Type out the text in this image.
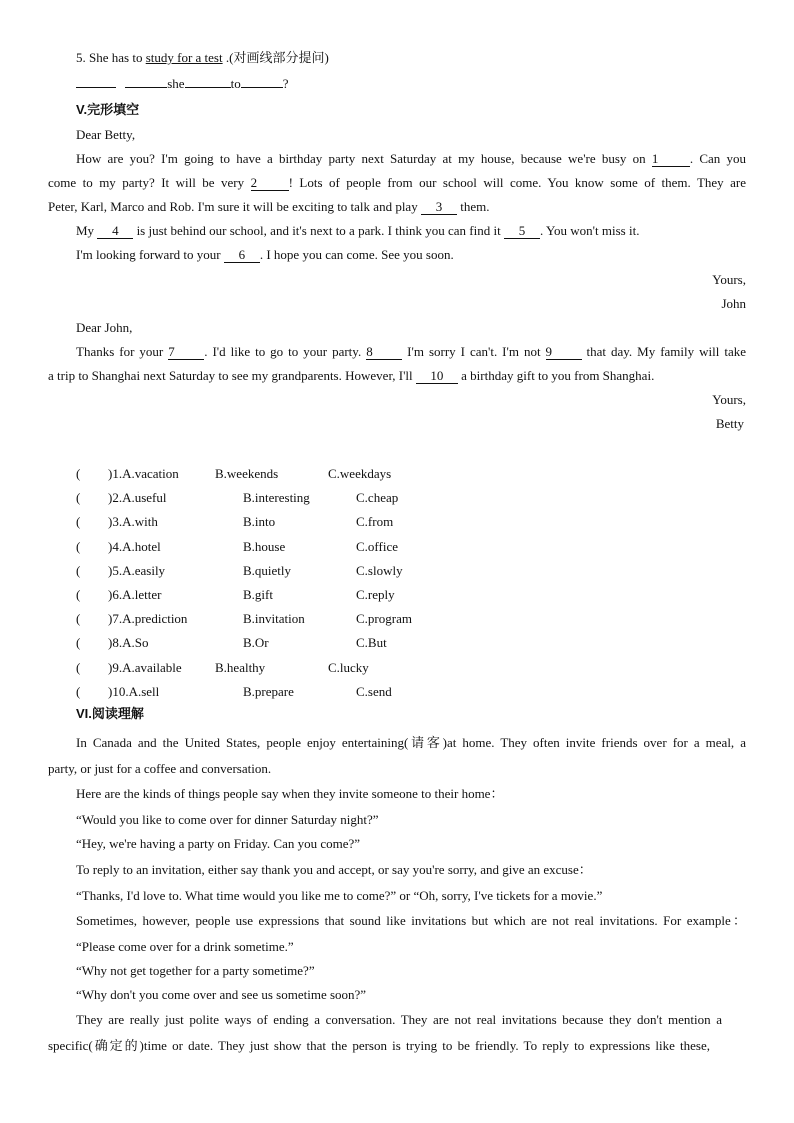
5. She has to study for a test .(对画线部分提问)
she	to	?
V.完形填空
Dear Betty,
How are you? I'm going to have a birthday party next Saturday at my house, because we're busy on 1 . Can you
come to my party? It will be very 2 ! Lots of people from our school will come. You know some of them. They are
Peter, Karl, Marco and Rob. I'm sure it will be exciting to talk and play 3 them.
My 4 is just behind our school, and it's next to a park. I think you can find it 5 . You won't miss it.
I'm looking forward to your 6 . I hope you can come. See you soon.
Yours,
John
Dear John,
Thanks for your 7 . I'd like to go to your party. 8 I'm sorry I can't. I'm not 9 that day. My family will take
a trip to Shanghai next Saturday to see my grandparents. However, I'll 10 a birthday gift to you from Shanghai.
Yours,
Betty
( )1.A.vacation	B.weekends	C.weekdays
( )2.A.useful	B.interesting	C.cheap
( )3.A.with	B.into	C.from
( )4.A.hotel	B.house	C.office
( )5.A.easily	B.quietly	C.slowly
( )6.A.letter	B.gift	C.reply
( )7.A.prediction	B.invitation	C.program
( )8.A.So	B.Or	C.But
( )9.A.available	B.healthy	C.lucky
( )10.A.sell	B.prepare	C.send
VI.阅读理解
In Canada and the United States, people enjoy entertaining(请客)at home. They often invite friends over for a meal, a
party, or just for a coffee and conversation.
Here are the kinds of things people say when they invite someone to their home：
“Would you like to come over for dinner Saturday night?”
“Hey, we're having a party on Friday. Can you come?”
To reply to an invitation, either say thank you and accept, or say you're sorry, and give an excuse：
“Thanks, I'd love to. What time would you like me to come?” or “Oh, sorry, I've tickets for a movie.”
Sometimes, however, people use expressions that sound like invitations but which are not real invitations. For example：
“Please come over for a drink sometime.”
“Why not get together for a party sometime?”
“Why don't you come over and see us sometime soon?”
They are really just polite ways of ending a conversation. They are not real invitations because they don't mention a
specific(确定的)time or date. They just show that the person is trying to be friendly. To reply to expressions like these,
